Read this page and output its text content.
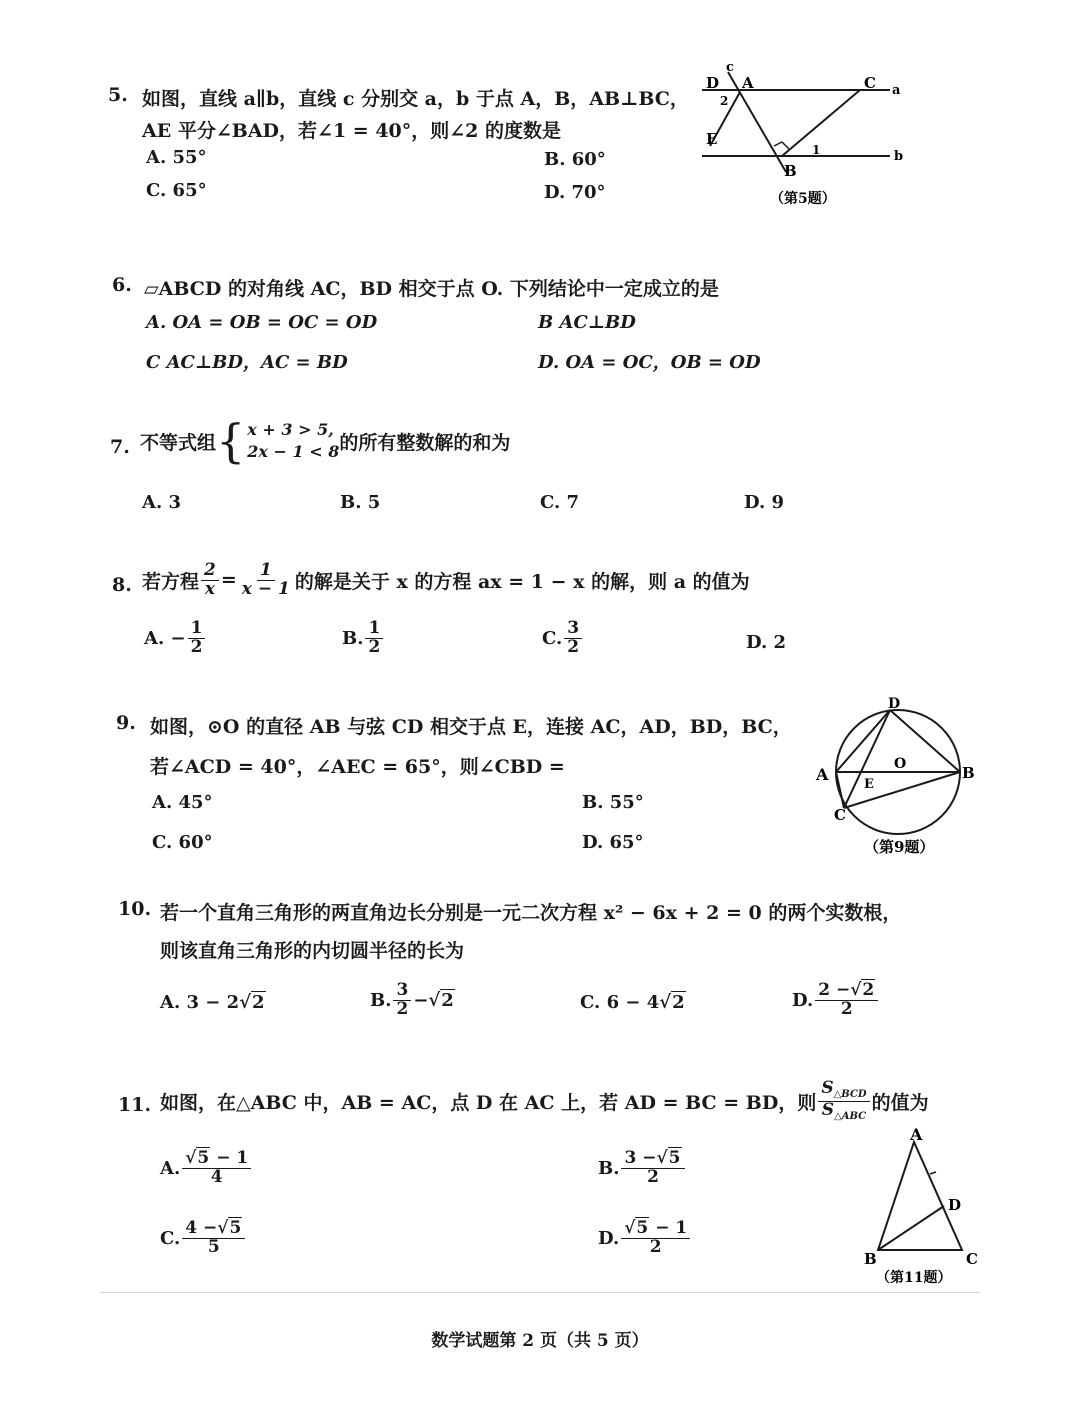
5. 如图，直线 a∥b，直线 c 分别交 a，b 于点 A，B，AB⊥BC，
AE 平分∠BAD，若∠1 = 40°，则∠2 的度数是
A. 55°	B. 60°
C. 65°	D. 70°
c
D A	C a
2
E
1	b
B
（第5题）
6. ▱ABCD 的对角线 AC，BD 相交于点 O. 下列结论中一定成立的是
A. OA = OB = OC = OD	B AC⊥BD
C AC⊥BD，AC = BD	D. OA = OC，OB = OD
7. 不等式组 { x + 3 > 5,
2x − 1 < 8 的所有整数解的和为
A. 3	B. 5	C. 7	D. 9
8. 若方程 $\frac{2}{x} = \frac{1}{x - 1}$ 的解是关于 x 的方程 ax = 1 − x 的解，则 a 的值为
A. − $\frac{1}{2}$	B. $\frac{1}{2}$	C. $\frac{3}{2}$	D. 2
9. 如图，⊙O 的直径 AB 与弦 CD 相交于点 E，连接 AC，AD，BD，BC，
若∠ACD = 40°，∠AEC = 65°，则∠CBD =
A. 45°	B. 55°
C. 60°	D. 65°
D
O
A	B
E
C
（第9题）
10. 若一个直角三角形的两直角边长分别是一元二次方程 x² − 6x + 2 = 0 的两个实数根，
则该直角三角形的内切圆半径的长为
A. 3 − 2√2	B. $\frac{3}{2}$ − √ 2	C. 6 − 4√2	D. $\frac{2 -√2}{2}$
11. 如图，在△ABC 中，AB = AC，点 D 在 AC 上，若 AD = BC = BD，则 $\frac{S_{\triangle BCD}}{S_{\triangle ABC}}$ 的值为
A. $\frac{√5 - 1}{4}$	B. $\frac{3 -√5}{2}$
C. $\frac{4 -√5}{5}$	D. $\frac{√5 - 1}{2}$
A
D
B	C
（第11题）
数学试题第 2 页（共 5 页）
